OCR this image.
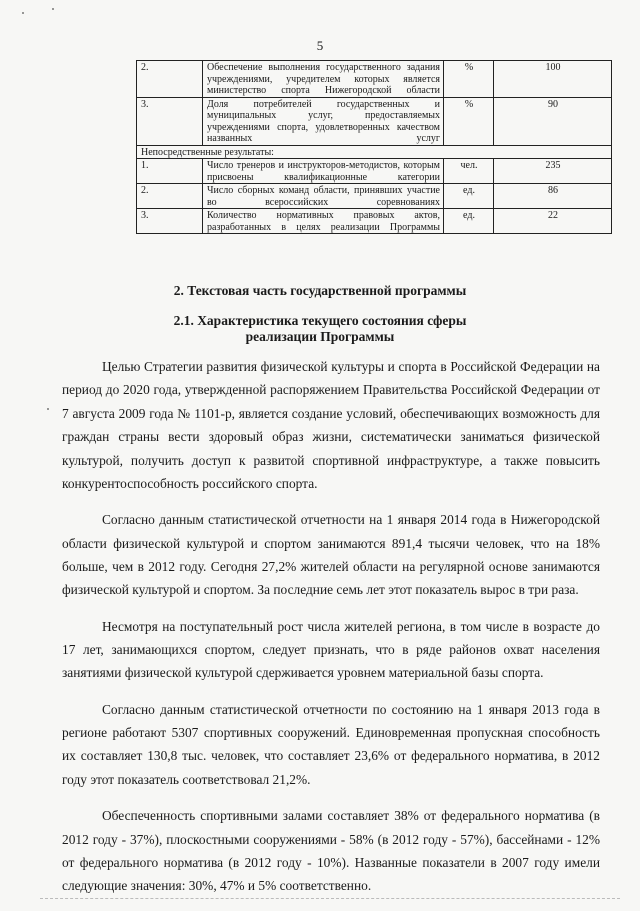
5
2.	Обеспечение выполнения государственного задания учреждениями, учредителем которых является министерство спорта Нижегородской области	%	100
3.	Доля потребителей государственных и муниципальных услуг, предоставляемых учреждениями спорта, удовлетворенных качеством названных услуг	%	90
Непосредственные результаты:			
1.	Число тренеров и инструкторов-методистов, которым присвоены квалификационные категории	чел.	235
2.	Число сборных команд области, принявших участие во всероссийских соревнованиях	ед.	86
3.	Количество нормативных правовых актов, разработанных в целях реализации Программы	ед.	22
2. Текстовая часть государственной программы
2.1. Характеристика текущего состояния сферы
реализации Программы

Целью Стратегии развития физической культуры и спорта в Российской Федерации на период до 2020 года, утвержденной распоряжением Правительства Российской Федерации от 7 августа 2009 года № 1101-р, является создание условий, обеспечивающих возможность для граждан страны вести здоровый образ жизни, систематически заниматься физической культурой, получить доступ к развитой спортивной инфраструктуре, а также повысить конкурентоспособность российского спорта.

Согласно данным статистической отчетности на 1 января 2014 года в Нижегородской области физической культурой и спортом занимаются 891,4 тысячи человек, что на 18% больше, чем в 2012 году. Сегодня 27,2% жителей области на регулярной основе занимаются физической культурой и спортом. За последние семь лет этот показатель вырос в три раза.

Несмотря на поступательный рост числа жителей региона, в том числе в возрасте до 17 лет, занимающихся спортом, следует признать, что в ряде районов охват населения занятиями физической культурой сдерживается уровнем материальной базы спорта.

Согласно данным статистической отчетности по состоянию на 1 января 2013 года в регионе работают 5307 спортивных сооружений. Единовременная пропускная способность их составляет 130,8 тыс. человек, что составляет 23,6% от федерального норматива, в 2012 году этот показатель соответствовал 21,2%.

Обеспеченность спортивными залами составляет 38% от федерального норматива (в 2012 году - 37%), плоскостными сооружениями - 58% (в 2012 году - 57%), бассейнами - 12% от федерального норматива (в 2012 году - 10%). Названные показатели в 2007 году имели следующие значения: 30%, 47% и 5% соответственно.
